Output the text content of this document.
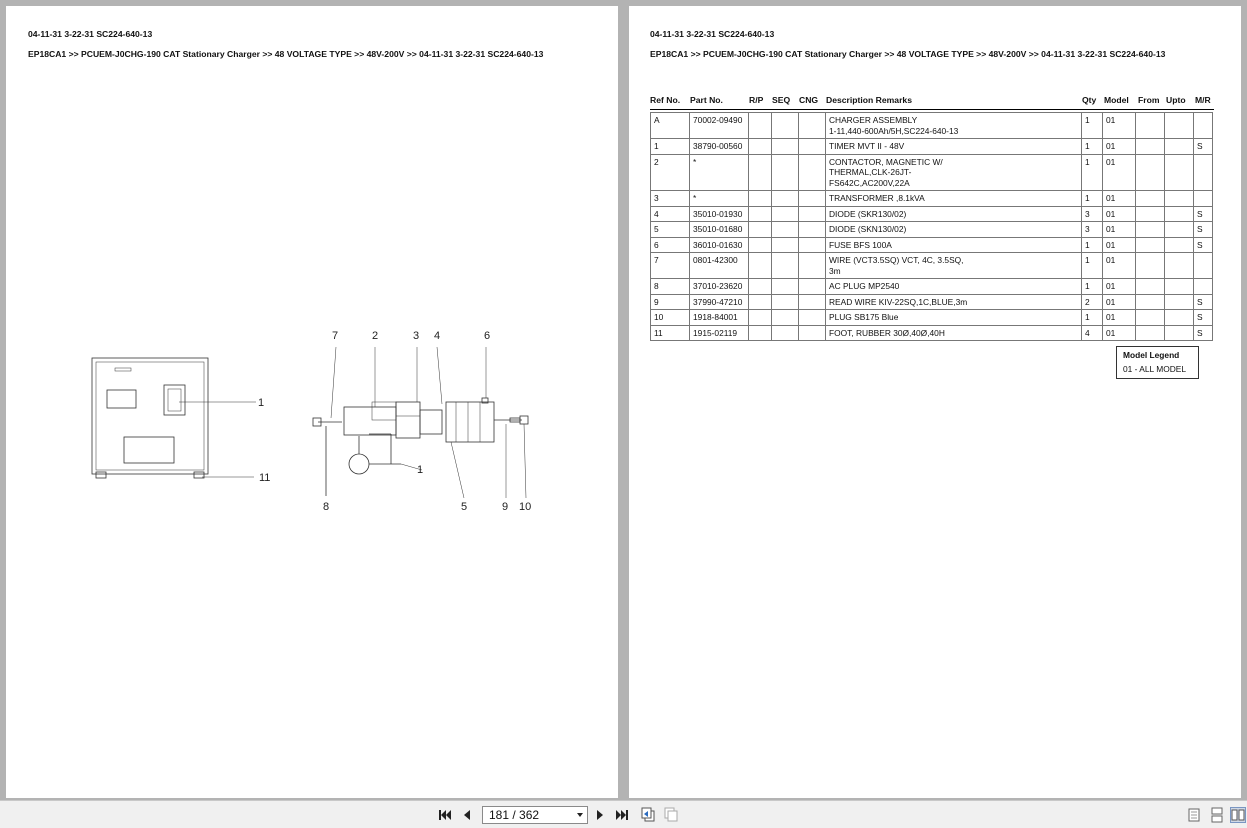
04-11-31 3-22-31 SC224-640-13
EP18CA1 >> PCUEM-J0CHG-190 CAT Stationary Charger >> 48 VOLTAGE TYPE >> 48V-200V >> 04-11-31 3-22-31 SC224-640-13
1
11
7	2	3 4	6
1
8	5	9 10
04-11-31 3-22-31 SC224-640-13
EP18CA1 >> PCUEM-J0CHG-190 CAT Stationary Charger >> 48 VOLTAGE TYPE >> 48V-200V >> 04-11-31 3-22-31 SC224-640-13
Ref No. Part No.	R/P SEQ CNG Description Remarks	Qty Model From Upto M/R
A	70002-09490				CHARGER ASSEMBLY
1-11,440-600Ah/5H,SC224-640-13	1	01			
1	38790-00560				TIMER MVT II - 48V	1	01			S
2	*				CONTACTOR, MAGNETIC W/
THERMAL,CLK-26JT-
FS642C,AC200V,22A	1	01			
3	*				TRANSFORMER ,8.1kVA	1	01			
4	35010-01930				DIODE (SKR130/02)	3	01			S
5	35010-01680				DIODE (SKN130/02)	3	01			S
6	36010-01630				FUSE BFS 100A	1	01			S
7	0801-42300				WIRE (VCT3.5SQ) VCT, 4C, 3.5SQ,
3m	1	01			
8	37010-23620				AC PLUG MP2540	1	01			
9	37990-47210				READ WIRE KIV-22SQ,1C,BLUE,3m	2	01			S
10	1918-84001				PLUG SB175 Blue	1	01			S
11	1915-02119				FOOT, RUBBER 30Ø,40Ø,40H	4	01			S
Model Legend
01 - ALL MODEL
181 / 362
